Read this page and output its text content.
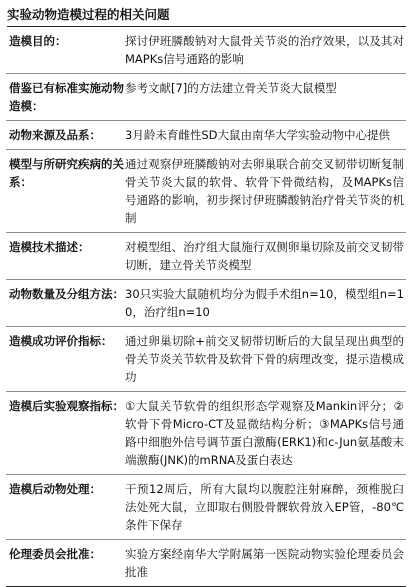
实验动物造模过程的相关问题
造模目的：	探讨伊班膦酸钠对大鼠骨关节炎的治疗效果，以及其对MAPKs信号通路的影响
借鉴已有标准实施动物造模：
参考文献[7]的方法建立骨关节炎大鼠模型
动物来源及品系：	3月龄未育雌性SD大鼠由南华大学实验动物中心提供
模型与所研究疾病的关系：
通过观察伊班膦酸钠对去卵巢联合前交叉韧带切断复制骨关节炎大鼠的软骨、软骨下骨微结构，及MAPKs信号通路的影响，初步探讨伊班膦酸钠治疗骨关节炎的机制
造模技术描述：	对模型组、治疗组大鼠施行双侧卵巢切除及前交叉韧带切断，建立骨关节炎模型
动物数量及分组方法： 30只实验大鼠随机均分为假手术组n=10，模型组n=10，治疗组n=10
造模成功评价指标：	通过卵巢切除+前交叉韧带切断后的大鼠呈现出典型的骨关节炎关节软骨及软骨下骨的病理改变，提示造模成功
造模后实验观察指标： ①大鼠关节软骨的组织形态学观察及Mankin评分；②软骨下骨Micro-CT及显微结构分析；③MAPKs信号通路中细胞外信号调节蛋白激酶(ERK1)和c-Jun氨基酸末端激酶(JNK)的mRNA及蛋白表达
造模后动物处理：	干预12周后，所有大鼠均以腹腔注射麻醉，颈椎脱臼法处死大鼠，立即取右侧股骨髁软骨放入EP管，-80℃条件下保存
伦理委员会批准：	实验方案经南华大学附属第一医院动物实验伦理委员会批准
